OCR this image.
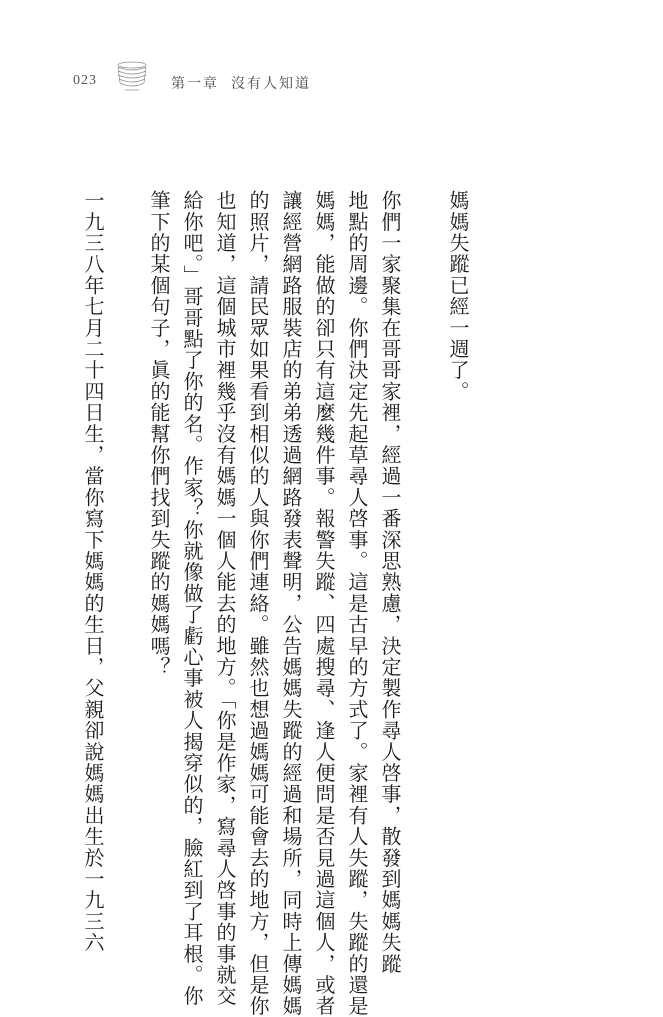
023	第一章 沒有人知道
媽媽失蹤已經一週了。
你們一家聚集在哥哥家裡，經過一番深思熟慮，決定製作尋人啓事，散發到媽媽失蹤
地點的周邊。你們決定先起草尋人啓事。這是古早的方式了。家裡有人失蹤，失蹤的還是
媽媽，能做的卻只有這麼幾件事。報警失蹤、四處搜尋、逢人便問是否見過這個人，或者
讓經營網路服裝店的弟弟透過網路發表聲明，公告媽媽失蹤的經過和場所，同時上傳媽媽
的照片，請民眾如果看到相似的人與你們連絡。雖然也想過媽媽可能會去的地方，但是你
也知道，這個城市裡幾乎沒有媽媽一個人能去的地方。「你是作家，寫尋人啓事的事就交
給你吧。」哥哥點了你的名。作家？你就像做了虧心事被人揭穿似的，臉紅到了耳根。你
筆下的某個句子，眞的能幫你們找到失蹤的媽媽嗎？
一九三八年七月二十四日生，當你寫下媽媽的生日，父親卻說媽媽出生於一九三六
